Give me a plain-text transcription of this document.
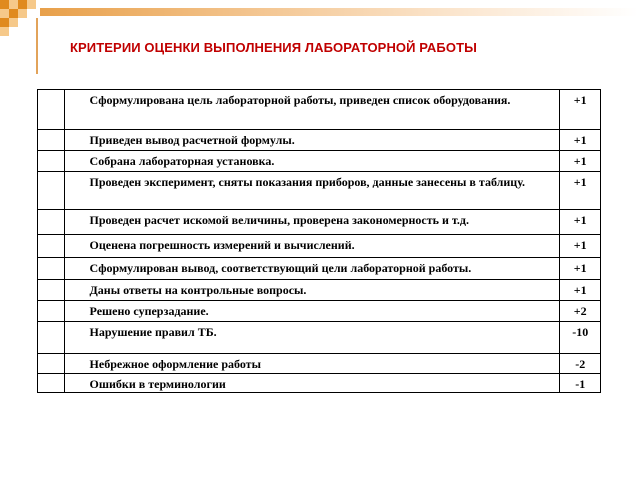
КРИТЕРИИ ОЦЕНКИ ВЫПОЛНЕНИЯ ЛАБОРАТОРНОЙ РАБОТЫ
	Сформулирована цель лабораторной работы, приведен список оборудования.	+1
	Приведен вывод расчетной формулы.	+1
	Собрана лабораторная установка.	+1
	Проведен эксперимент, сняты показания приборов, данные занесены в таблицу.	+1
	Проведен расчет искомой величины, проверена закономерность и т.д.	+1
	Оценена погрешность измерений и вычислений.	+1
	Сформулирован вывод, соответствующий цели лабораторной работы.	+1
	Даны ответы на контрольные вопросы.	+1
	Решено суперзадание.	+2
	Нарушение правил ТБ.	-10
	Небрежное оформление работы	-2
	Ошибки в терминологии	-1
